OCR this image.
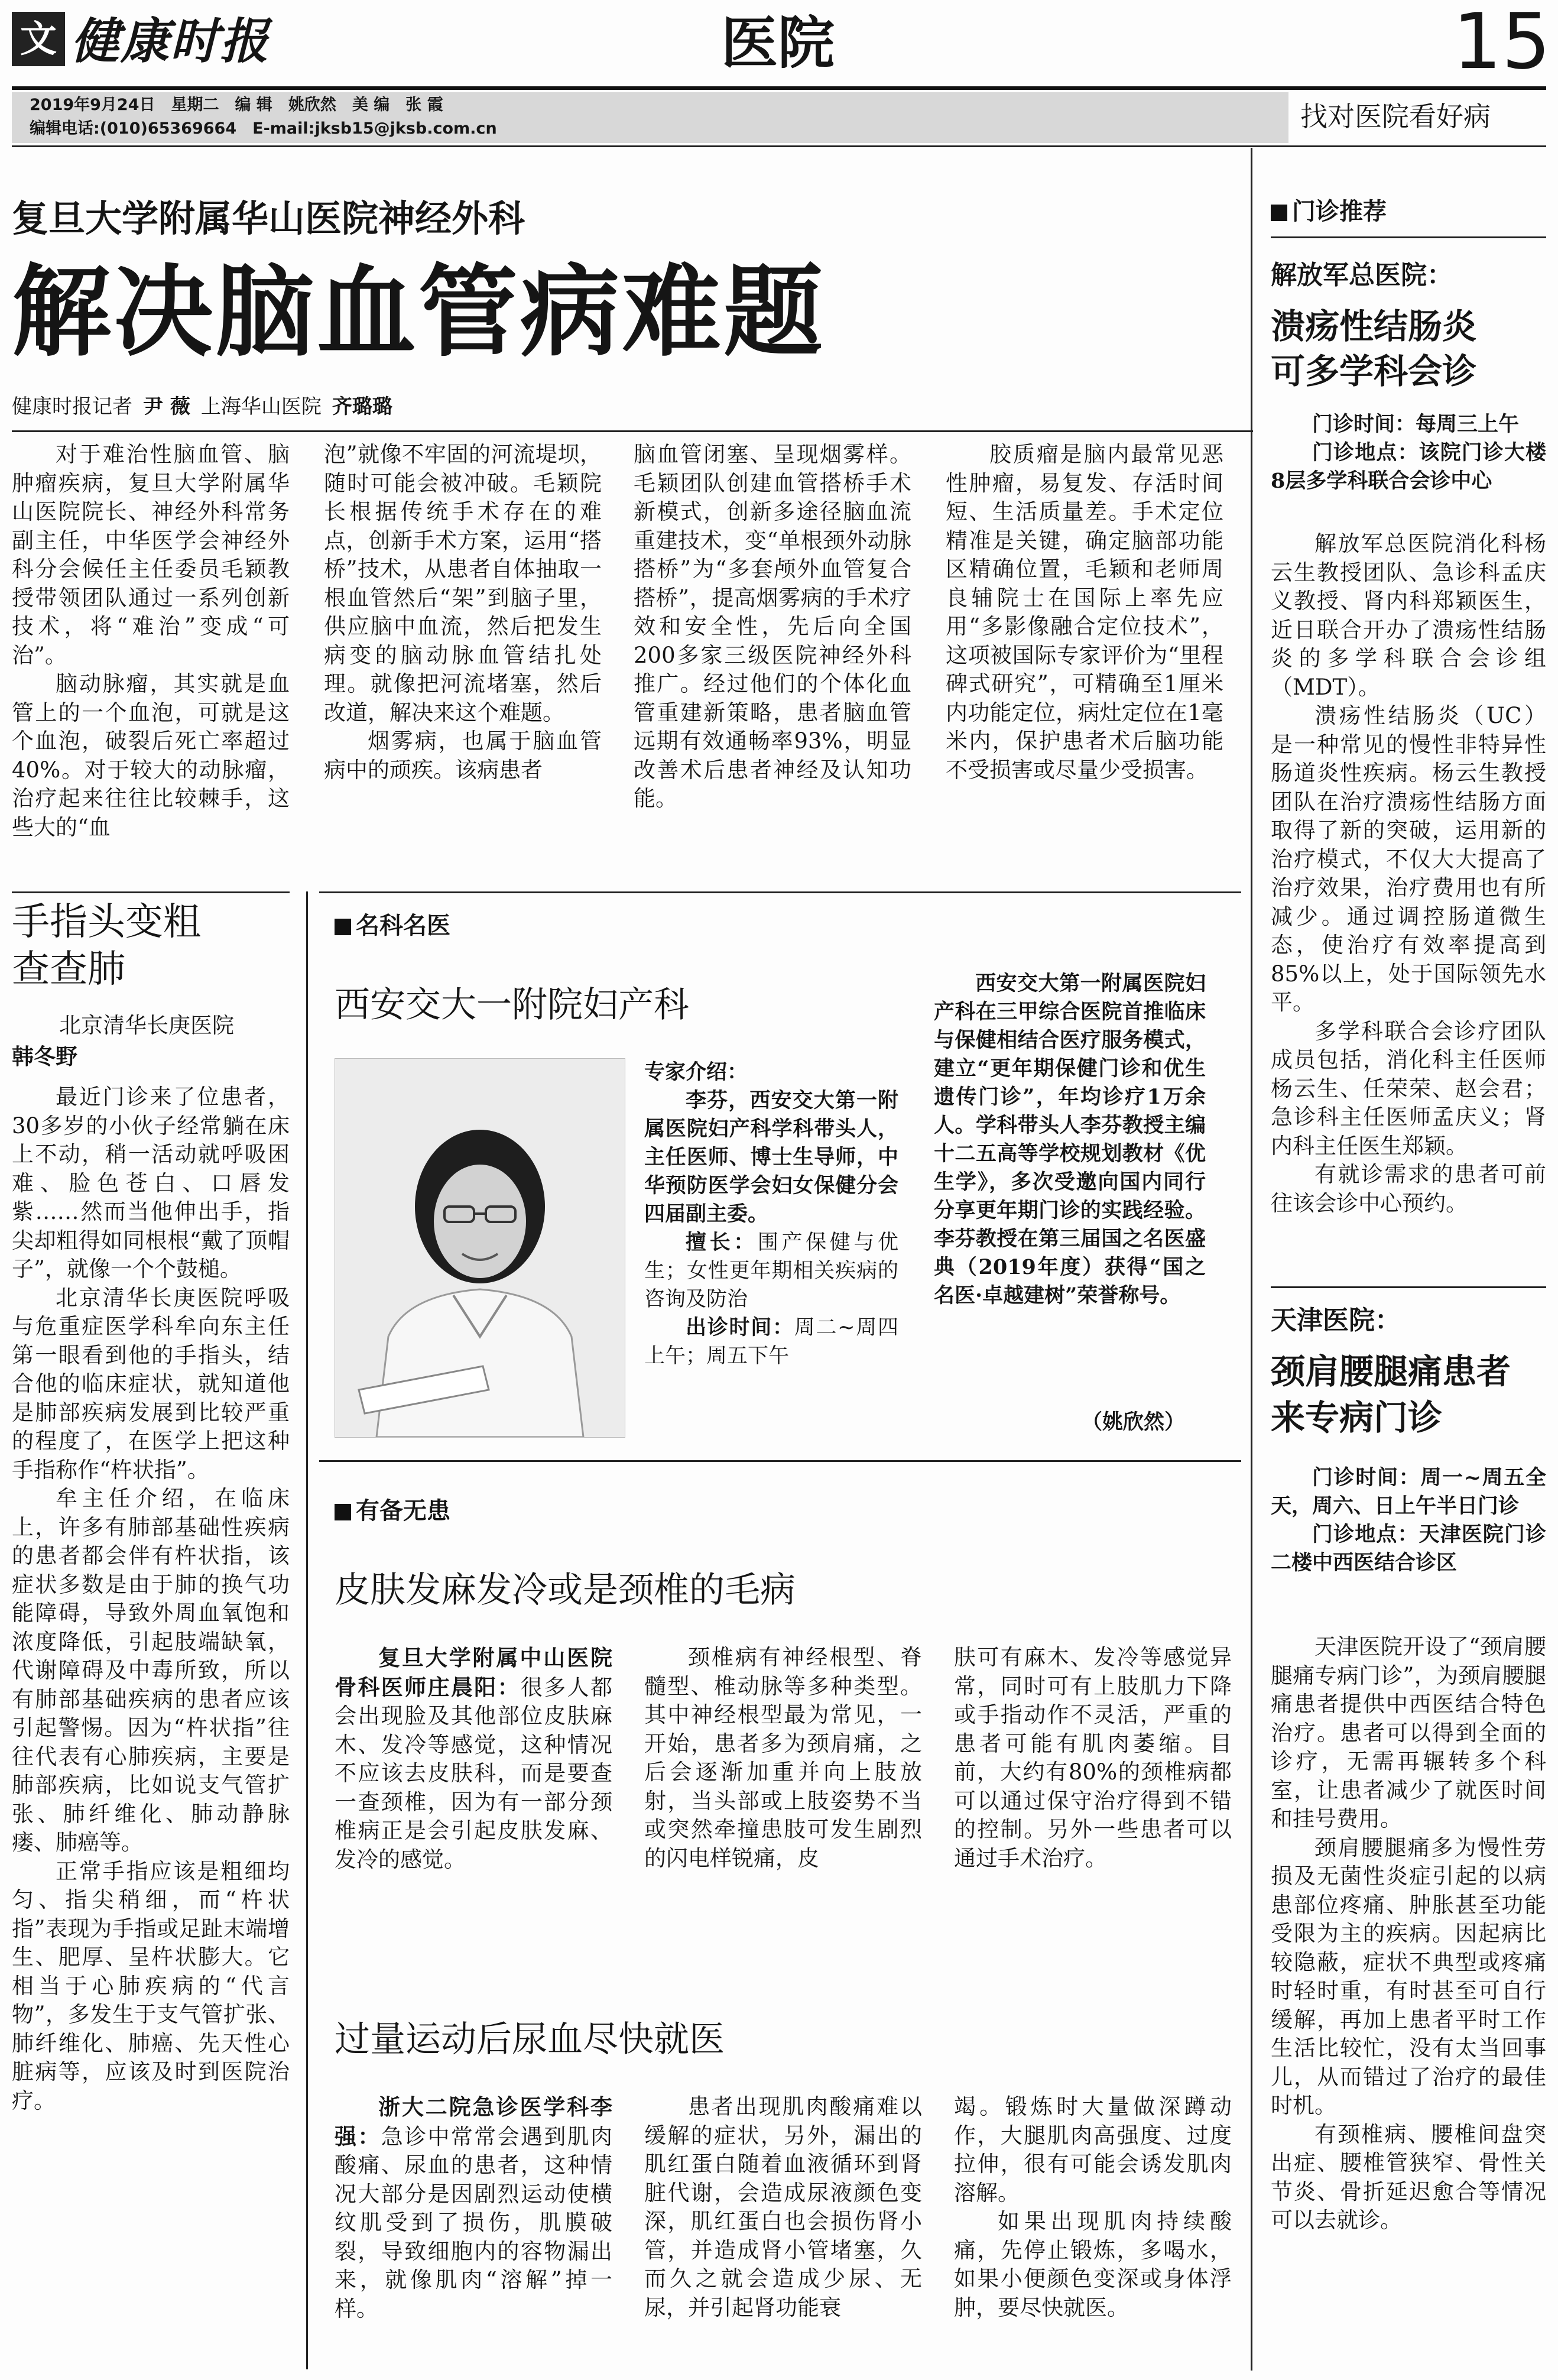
文 健康时报	医院	15
2019年9月24日　星期二　编 辑　姚欣然　美 编　张 霞
编辑电话:(010)65369664　E-mail:jksb15@jksb.com.cn	找对医院看好病
复旦大学附属华山医院神经外科
解决脑血管病难题
健康时报记者 尹 薇 上海华山医院 齐璐璐

对于难治性脑血管、脑肿瘤疾病，复旦大学附属华山医院院长、神经外科常务副主任，中华医学会神经外科分会候任主任委员毛颖教授带领团队通过一系列创新技术，将“难治”变成“可治”。

脑动脉瘤，其实就是血管上的一个血泡，可就是这个血泡，破裂后死亡率超过40%。对于较大的动脉瘤，治疗起来往往比较棘手，这些大的“血

泡”就像不牢固的河流堤坝，随时可能会被冲破。毛颖院长根据传统手术存在的难点，创新手术方案，运用“搭桥”技术，从患者自体抽取一根血管然后“架”到脑子里，供应脑中血流，然后把发生病变的脑动脉血管结扎处理。就像把河流堵塞，然后改道，解决来这个难题。

烟雾病，也属于脑血管病中的顽疾。该病患者

脑血管闭塞、呈现烟雾样。毛颖团队创建血管搭桥手术新模式，创新多途径脑血流重建技术，变“单根颈外动脉搭桥”为“多套颅外血管复合搭桥”，提高烟雾病的手术疗效和安全性，先后向全国200多家三级医院神经外科推广。经过他们的个体化血管重建新策略，患者脑血管远期有效通畅率93%，明显改善术后患者神经及认知功能。

胶质瘤是脑内最常见恶性肿瘤，易复发、存活时间短、生活质量差。手术定位精准是关键，确定脑部功能区精确位置，毛颖和老师周良辅院士在国际上率先应用“多影像融合定位技术”，这项被国际专家评价为“里程碑式研究”，可精确至1厘米内功能定位，病灶定位在1毫米内，保护患者术后脑功能不受损害或尽量少受损害。

手指头变粗
查查肺
北京清华长庚医院
韩冬野

最近门诊来了位患者，30多岁的小伙子经常躺在床上不动，稍一活动就呼吸困难、脸色苍白、口唇发紫……然而当他伸出手，指尖却粗得如同根根“戴了顶帽子”，就像一个个鼓槌。

北京清华长庚医院呼吸与危重症医学科牟向东主任第一眼看到他的手指头，结合他的临床症状，就知道他是肺部疾病发展到比较严重的程度了，在医学上把这种手指称作“杵状指”。

牟主任介绍，在临床上，许多有肺部基础性疾病的患者都会伴有杵状指，该症状多数是由于肺的换气功能障碍，导致外周血氧饱和浓度降低，引起肢端缺氧，代谢障碍及中毒所致，所以有肺部基础疾病的患者应该引起警惕。因为“杵状指”往往代表有心肺疾病，主要是肺部疾病，比如说支气管扩张、肺纤维化、肺动静脉瘘、肺癌等。

正常手指应该是粗细均匀、指尖稍细，而“杵状指”表现为手指或足趾末端增生、肥厚、呈杵状膨大。它相当于心肺疾病的“代言物”，多发生于支气管扩张、肺纤维化、肺癌、先天性心脏病等，应该及时到医院治疗。

名科名医
西安交大一附院妇产科
专家介绍：
李芬，西安交大第一附属医院妇产科学科带头人，主任医师、博士生导师，中华预防医学会妇女保健分会四届副主委。
擅长：围产保健与优生；女性更年期相关疾病的咨询及防治
出诊时间：周二~周四上午；周五下午
西安交大第一附属医院妇产科在三甲综合医院首推临床与保健相结合医疗服务模式，建立“更年期保健门诊和优生遗传门诊”，年均诊疗1万余人。学科带头人李芬教授主编十二五高等学校规划教材《优生学》，多次受邀向国内同行分享更年期门诊的实践经验。李芬教授在第三届国之名医盛典（2019年度）获得“国之名医·卓越建树”荣誉称号。
（姚欣然）
有备无患
皮肤发麻发冷或是颈椎的毛病

复旦大学附属中山医院骨科医师庄晨阳：很多人都会出现脸及其他部位皮肤麻木、发冷等感觉，这种情况不应该去皮肤科，而是要查一查颈椎，因为有一部分颈椎病正是会引起皮肤发麻、发冷的感觉。

颈椎病有神经根型、脊髓型、椎动脉等多种类型。其中神经根型最为常见，一开始，患者多为颈肩痛，之后会逐渐加重并向上肢放射，当头部或上肢姿势不当或突然牵撞患肢可发生剧烈的闪电样锐痛，皮

肤可有麻木、发冷等感觉异常，同时可有上肢肌力下降或手指动作不灵活，严重的患者可能有肌肉萎缩。目前，大约有80%的颈椎病都可以通过保守治疗得到不错的控制。另外一些患者可以通过手术治疗。

过量运动后尿血尽快就医

浙大二院急诊医学科李强：急诊中常常会遇到肌肉酸痛、尿血的患者，这种情况大部分是因剧烈运动使横纹肌受到了损伤，肌膜破裂，导致细胞内的容物漏出来，就像肌肉“溶解”掉一样。

患者出现肌肉酸痛难以缓解的症状，另外，漏出的肌红蛋白随着血液循环到肾脏代谢，会造成尿液颜色变深，肌红蛋白也会损伤肾小管，并造成肾小管堵塞，久而久之就会造成少尿、无尿，并引起肾功能衰

竭。锻炼时大量做深蹲动作，大腿肌肉高强度、过度拉伸，很有可能会诱发肌肉溶解。

如果出现肌肉持续酸痛，先停止锻炼，多喝水，如果小便颜色变深或身体浮肿，要尽快就医。

门诊推荐
解放军总医院：
溃疡性结肠炎
可多学科会诊
门诊时间：每周三上午
门诊地点：该院门诊大楼8层多学科联合会诊中心

解放军总医院消化科杨云生教授团队、急诊科孟庆义教授、肾内科郑颖医生，近日联合开办了溃疡性结肠炎的多学科联合会诊组（MDT）。

溃疡性结肠炎（UC）是一种常见的慢性非特异性肠道炎性疾病。杨云生教授团队在治疗溃疡性结肠方面取得了新的突破，运用新的治疗模式，不仅大大提高了治疗效果，治疗费用也有所减少。通过调控肠道微生态，使治疗有效率提高到85%以上，处于国际领先水平。

多学科联合会诊疗团队成员包括，消化科主任医师杨云生、任荣荣、赵会君；急诊科主任医师孟庆义；肾内科主任医生郑颖。

有就诊需求的患者可前往该会诊中心预约。

天津医院：
颈肩腰腿痛患者
来专病门诊
门诊时间：周一~周五全天，周六、日上午半日门诊
门诊地点：天津医院门诊二楼中西医结合诊区

天津医院开设了“颈肩腰腿痛专病门诊”，为颈肩腰腿痛患者提供中西医结合特色治疗。患者可以得到全面的诊疗，无需再辗转多个科室，让患者减少了就医时间和挂号费用。

颈肩腰腿痛多为慢性劳损及无菌性炎症引起的以病患部位疼痛、肿胀甚至功能受限为主的疾病。因起病比较隐蔽，症状不典型或疼痛时轻时重，有时甚至可自行缓解，再加上患者平时工作生活比较忙，没有太当回事儿，从而错过了治疗的最佳时机。

有颈椎病、腰椎间盘突出症、腰椎管狭窄、骨性关节炎、骨折延迟愈合等情况可以去就诊。
